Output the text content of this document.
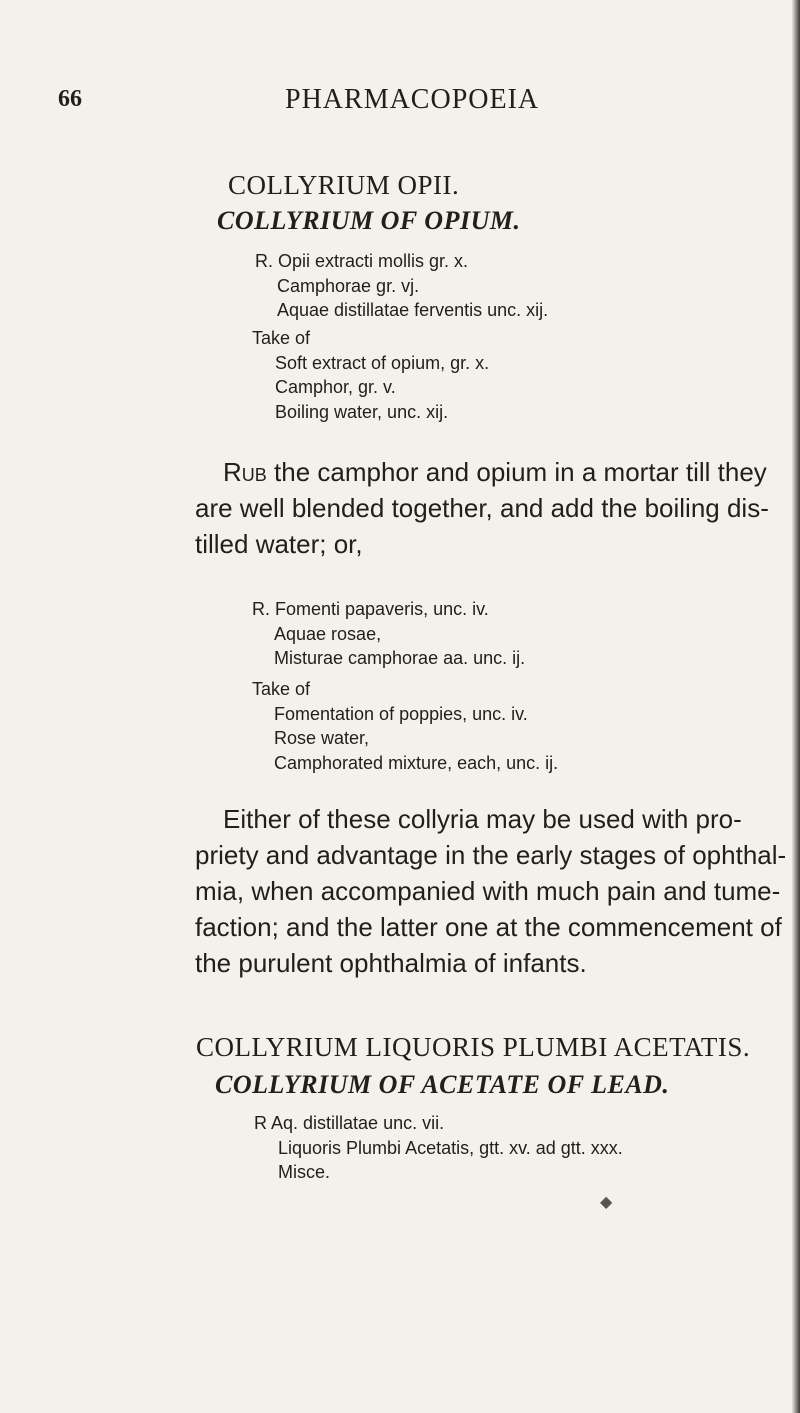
66	PHARMACOPOEIA
COLLYRIUM OPII.
COLLYRIUM OF OPIUM.
R. Opii extracti mollis gr. x.
Camphorae gr. vj.
Aquae distillatae ferventis unc. xij.
Take of
Soft extract of opium, gr. x.
Camphor, gr. v.
Boiling water, unc. xij.
Rub the camphor and opium in a mortar till they
are well blended together, and add the boiling dis-
tilled water; or,
R. Fomenti papaveris, unc. iv.
Aquae rosae,
Misturae camphorae aa. unc. ij.
Take of
Fomentation of poppies, unc. iv.
Rose water,
Camphorated mixture, each, unc. ij.
Either of these collyria may be used with pro-
priety and advantage in the early stages of ophthal-
mia, when accompanied with much pain and tume-
faction; and the latter one at the commencement of
the purulent ophthalmia of infants.
COLLYRIUM LIQUORIS PLUMBI ACETATIS.
COLLYRIUM OF ACETATE OF LEAD.
R Aq. distillatae unc. vii.
Liquoris Plumbi Acetatis, gtt. xv. ad gtt. xxx.
Misce.
◆
